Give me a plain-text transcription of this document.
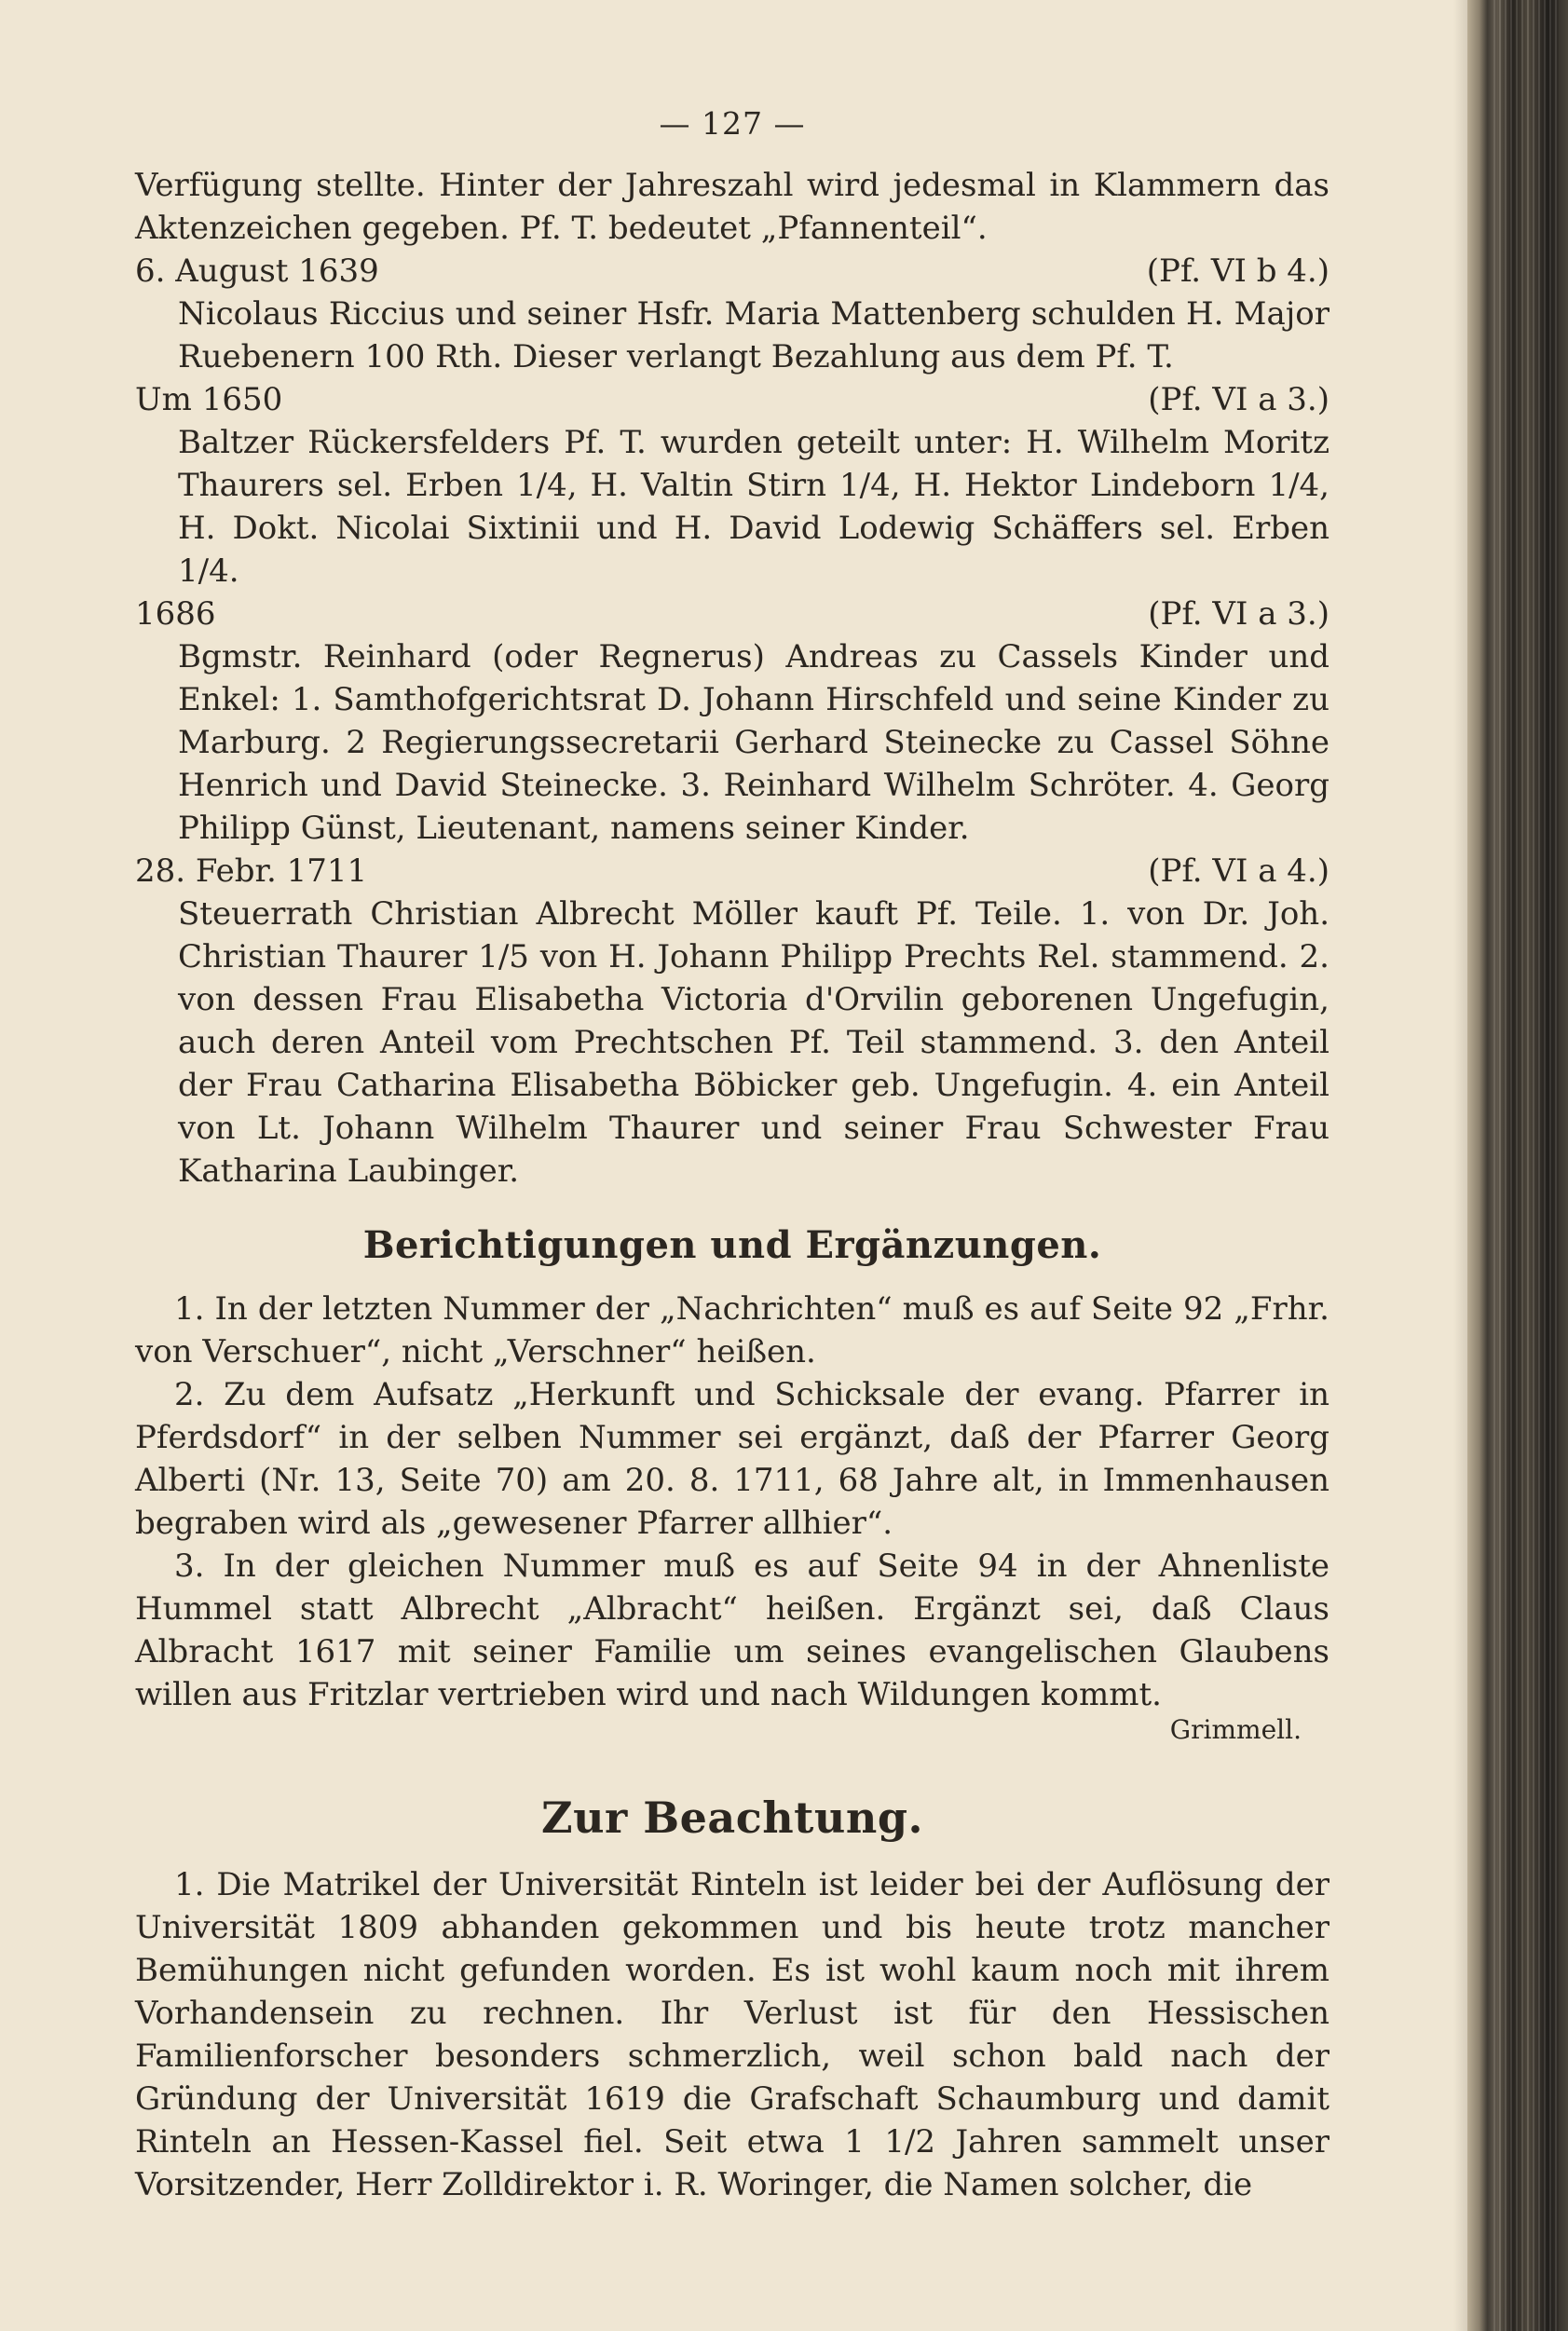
— 127 —

Verfügung stellte. Hinter der Jahreszahl wird jedesmal in Klammern das Aktenzeichen gegeben. Pf. T. bedeutet „Pfannenteil“.

6. August 1639	(Pf. VI b 4.)
Nicolaus Riccius und seiner Hsfr. Maria Mattenberg schulden H. Major Ruebenern 100 Rth. Dieser verlangt Bezahlung aus dem Pf. T.
Um 1650	(Pf. VI a 3.)
Baltzer Rückersfelders Pf. T. wurden geteilt unter: H. Wilhelm Moritz Thaurers sel. Erben 1/4, H. Valtin Stirn 1/4, H. Hektor Lindeborn 1/4, H. Dokt. Nicolai Sixtinii und H. David Lodewig Schäffers sel. Erben 1/4.
1686	(Pf. VI a 3.)
Bgmstr. Reinhard (oder Regnerus) Andreas zu Cassels Kinder und Enkel: 1. Samthofgerichtsrat D. Johann Hirschfeld und seine Kinder zu Marburg. 2 Regierungssecretarii Gerhard Steinecke zu Cassel Söhne Henrich und David Steinecke. 3. Reinhard Wilhelm Schröter. 4. Georg Philipp Günst, Lieutenant, namens seiner Kinder.
28. Febr. 1711	(Pf. VI a 4.)
Steuerrath Christian Albrecht Möller kauft Pf. Teile. 1. von Dr. Joh. Christian Thaurer 1/5 von H. Johann Philipp Prechts Rel. stammend. 2. von dessen Frau Elisabetha Victoria d'Orvilin geborenen Ungefugin, auch deren Anteil vom Prechtschen Pf. Teil stammend. 3. den Anteil der Frau Catharina Elisabetha Böbicker geb. Ungefugin. 4. ein Anteil von Lt. Johann Wilhelm Thaurer und seiner Frau Schwester Frau Katharina Laubinger.
Berichtigungen und Ergänzungen.

1. In der letzten Nummer der „Nachrichten“ muß es auf Seite 92 „Frhr. von Verschuer“, nicht „Verschner“ heißen.

2. Zu dem Aufsatz „Herkunft und Schicksale der evang. Pfarrer in Pferdsdorf“ in der selben Nummer sei ergänzt, daß der Pfarrer Georg Alberti (Nr. 13, Seite 70) am 20. 8. 1711, 68 Jahre alt, in Immenhausen begraben wird als „gewesener Pfarrer allhier“.

3. In der gleichen Nummer muß es auf Seite 94 in der Ahnenliste Hummel statt Albrecht „Albracht“ heißen. Ergänzt sei, daß Claus Albracht 1617 mit seiner Familie um seines evangelischen Glaubens willen aus Fritzlar vertrieben wird und nach Wildungen kommt.

Grimmell.
Zur Beachtung.

1. Die Matrikel der Universität Rinteln ist leider bei der Auflösung der Universität 1809 abhanden gekommen und bis heute trotz mancher Bemühungen nicht gefunden worden. Es ist wohl kaum noch mit ihrem Vorhandensein zu rechnen. Ihr Verlust ist für den Hessischen Familienforscher besonders schmerzlich, weil schon bald nach der Gründung der Universität 1619 die Grafschaft Schaumburg und damit Rinteln an Hessen-Kassel fiel. Seit etwa 1 1/2 Jahren sammelt unser Vorsitzender, Herr Zolldirektor i. R. Woringer, die Namen solcher, die
